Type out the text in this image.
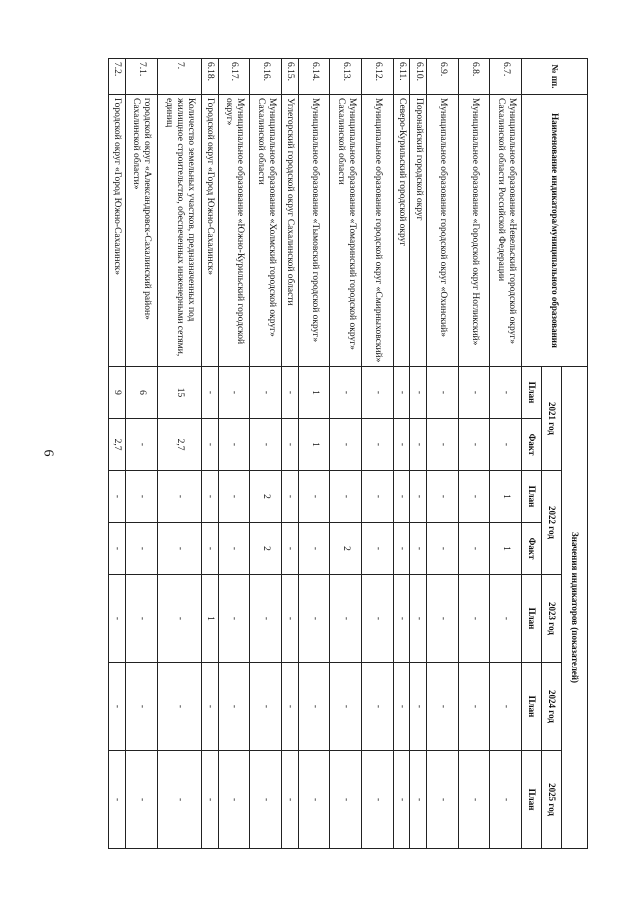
6
№ пп.	Наименование индикатора/муниципального образования	Значения индикаторов (показателей)						
		2021 год		2022 год		2023 год	2024 год	2025 год
		План	Факт	План	Факт	План	План	План
6.7.	Муниципальное образование «Невельский городской округ» Сахалинской области Российской Федерации	-	-	1	1	-	-	-
6.8.	Муниципальное образование «Городской округ Ногликский»	-	-	-	-	-	-	-
6.9.	Муниципальное образование городской округ «Охинский»	-	-	-	-	-	-	-
6.10.	Поронайский городской округ	-	-	-	-	-	-	-
6.11.	Северо-Курильский городской округ	-	-	-	-	-	-	-
6.12.	Муниципальное образование городской округ «Смирныховский»	-	-	-	-	-	-	-
6.13.	Муниципальное образование «Томаринский городской округ» Сахалинской области	-	-	-	2	-	-	-
6.14.	Муниципальное образование «Тымовский городской округ»	1	1	-	-	-	-	-
6.15.	Углегорский городской округ Сахалинской области	-	-	-	-	-	-	-
6.16.	Муниципальное образование «Холмский городской округ» Сахалинской области	-	-	2	2	-	-	-
6.17.	Муниципальное образование «Южно-Курильский городской округ»	-	-	-	-	-	-	-
6.18.	Городской округ «Город Южно-Сахалинск»	-	-	-	-	1	-	-
7.	Количество земельных участков, предназначенных под жилищное строительство, обеспеченных инженерными сетями, единиц	15	2,7	-	-	-	-	-
7.1.	городской округ «Александровск-Сахалинский район» Сахалинской области»	6	-	-	-	-	-	-
7.2.	Городской округ «Город Южно-Сахалинск»	9	2,7	-	-	-	-	-
